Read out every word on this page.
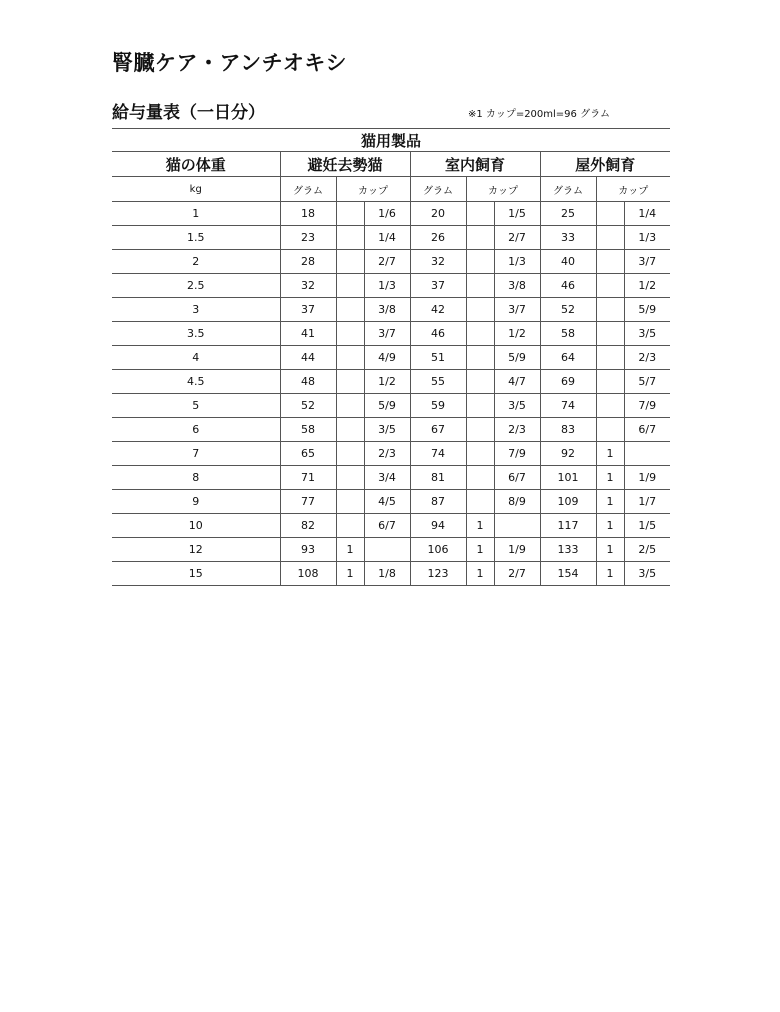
腎臓ケア・アンチオキシ
給与量表（一日分）	※1 カップ=200ml=96 グラム
猫用製品									
猫の体重	避妊去勢猫			室内飼育			屋外飼育		
kg	グラム	カップ		グラム	カップ		グラム	カップ	
1	18		1/6	20		1/5	25		1/4
1.5	23		1/4	26		2/7	33		1/3
2	28		2/7	32		1/3	40		3/7
2.5	32		1/3	37		3/8	46		1/2
3	37		3/8	42		3/7	52		5/9
3.5	41		3/7	46		1/2	58		3/5
4	44		4/9	51		5/9	64		2/3
4.5	48		1/2	55		4/7	69		5/7
5	52		5/9	59		3/5	74		7/9
6	58		3/5	67		2/3	83		6/7
7	65		2/3	74		7/9	92	1	
8	71		3/4	81		6/7	101	1	1/9
9	77		4/5	87		8/9	109	1	1/7
10	82		6/7	94	1		117	1	1/5
12	93	1		106	1	1/9	133	1	2/5
15	108	1	1/8	123	1	2/7	154	1	3/5
